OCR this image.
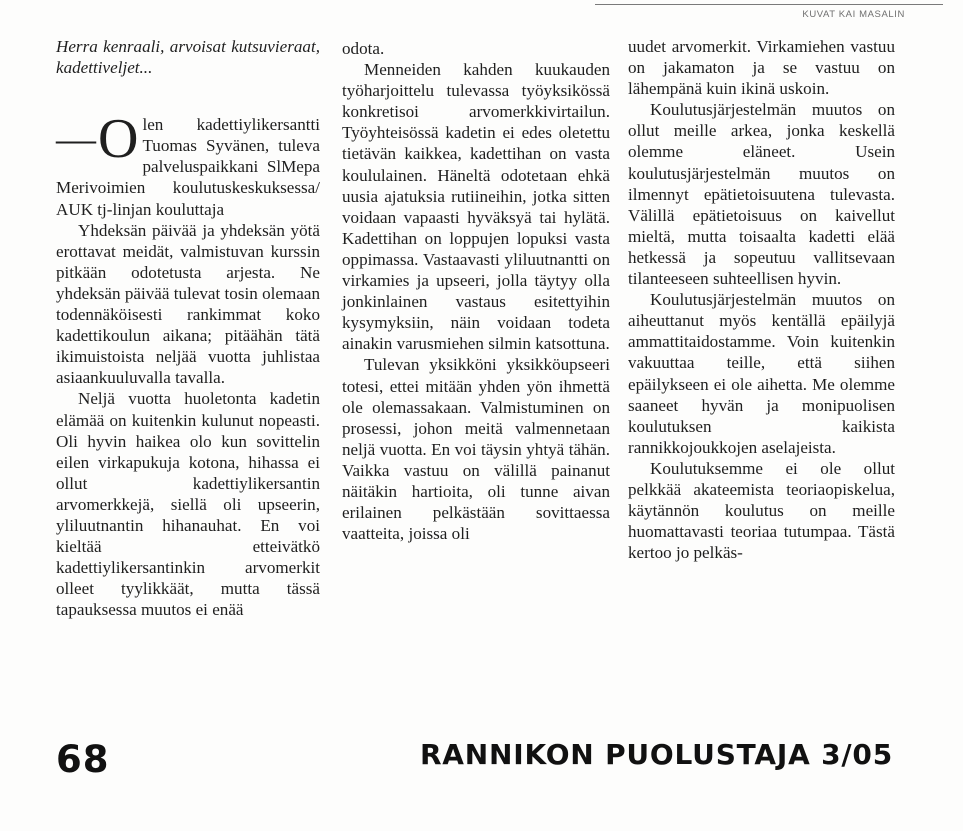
KUVAT KAI MASALIN

Herra kenraali, arvoisat kutsuvieraat, kadettiveljet...

— O len kadettiylikersantti Tuomas Syvänen, tuleva palveluspaikkani SlMepa Merivoimien koulutuskeskuksessa/ AUK tj-linjan kouluttaja

Yhdeksän päivää ja yhdeksän yötä erottavat meidät, valmistuvan kurssin pitkään odotetusta arjesta. Ne yhdeksän päivää tulevat tosin olemaan todennäköisesti rankimmat koko kadettikoulun aikana; pitäähän tätä ikimuistoista neljää vuotta juhlistaa asiaankuuluvalla tavalla.

Neljä vuotta huoletonta kadetin elämää on kuitenkin kulunut nopeasti. Oli hyvin haikea olo kun sovittelin eilen virkapukuja kotona, hihassa ei ollut kadettiylikersantin arvomerkkejä, siellä oli upseerin, yliluutnantin hihanauhat. En voi kieltää etteivätkö kadettiylikersantinkin arvomerkit olleet tyylikkäät, mutta tässä tapauksessa muutos ei enää

odota.

Menneiden kahden kuukauden työharjoittelu tulevassa työyksikössä konkretisoi arvomerkkivirtailun. Työyhteisössä kadetin ei edes oletettu tietävän kaikkea, kadettihan on vasta koululainen. Häneltä odotetaan ehkä uusia ajatuksia rutiineihin, jotka sitten voidaan vapaasti hyväksyä tai hylätä. Kadettihan on loppujen lopuksi vasta oppimassa. Vastaavasti yliluutnantti on virkamies ja upseeri, jolla täytyy olla jonkinlainen vastaus esitettyihin kysymyksiin, näin voidaan todeta ainakin varusmiehen silmin katsottuna.

Tulevan yksikköni yksikköupseeri totesi, ettei mitään yhden yön ihmettä ole olemassakaan. Valmistuminen on prosessi, johon meitä valmennetaan neljä vuotta. En voi täysin yhtyä tähän. Vaikka vastuu on välillä painanut näitäkin hartioita, oli tunne aivan erilainen pelkästään sovittaessa vaatteita, joissa oli

uudet arvomerkit. Virkamiehen vastuu on jakamaton ja se vastuu on lähempänä kuin ikinä uskoin.

Koulutusjärjestelmän muutos on ollut meille arkea, jonka keskellä olemme eläneet. Usein koulutusjärjestelmän muutos on ilmennyt epätietoisuutena tulevasta. Välillä epätietoisuus on kaivellut mieltä, mutta toisaalta kadetti elää hetkessä ja sopeutuu vallitsevaan tilanteeseen suhteellisen hyvin.

Koulutusjärjestelmän muutos on aiheuttanut myös kentällä epäilyjä ammattitaidostamme. Voin kuitenkin vakuuttaa teille, että siihen epäilykseen ei ole aihetta. Me olemme saaneet hyvän ja monipuolisen koulutuksen kaikista rannikkojoukkojen aselajeista.

Koulutuksemme ei ole ollut pelkkää akateemista teoriaopiskelua, käytännön koulutus on meille huomattavasti teoriaa tutumpaa. Tästä kertoo jo pelkäs-

68	RANNIKON PUOLUSTAJA 3/05
